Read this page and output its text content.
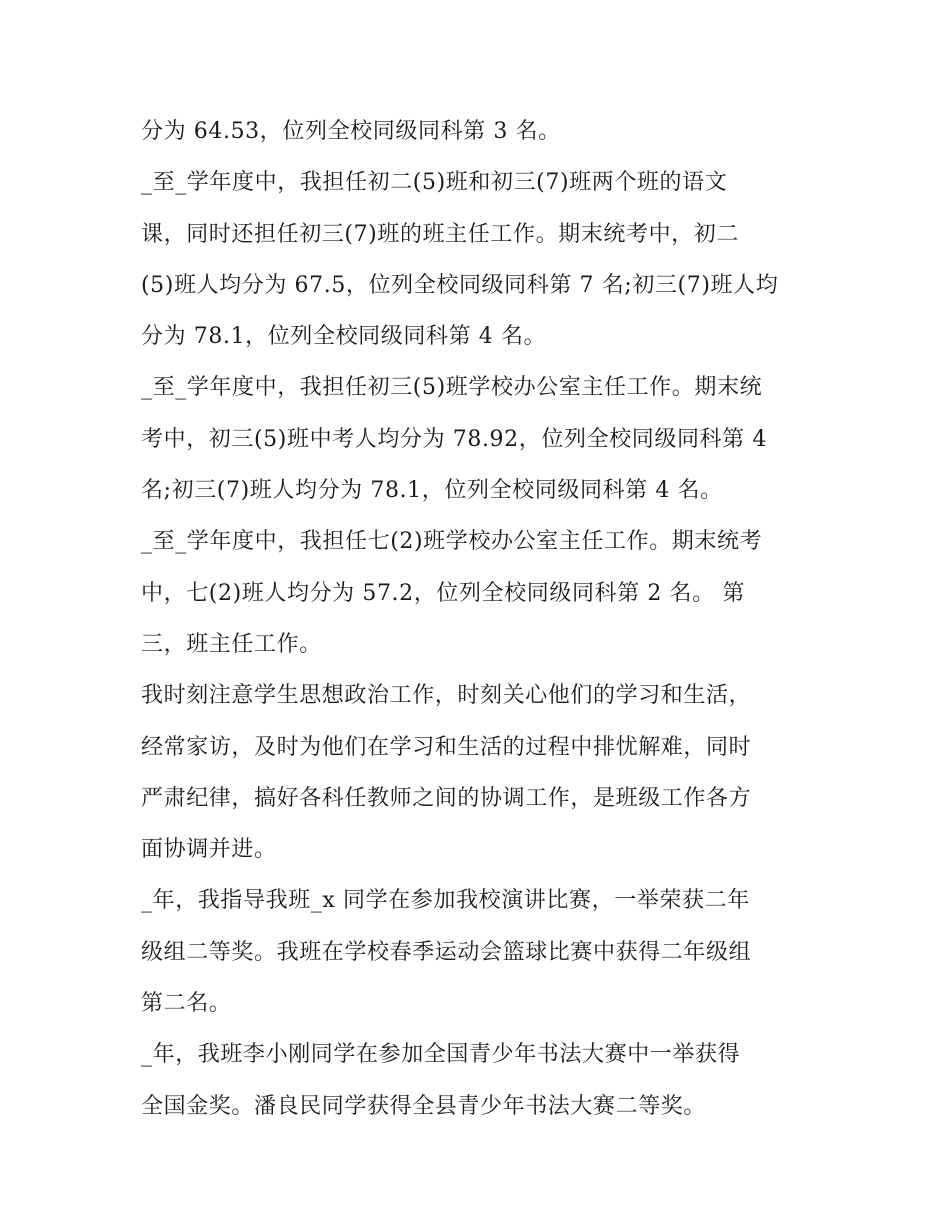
分为 64.53，位列全校同级同科第 3 名。
_至_学年度中，我担任初二(5)班和初三(7)班两个班的语文
课，同时还担任初三(7)班的班主任工作。期末统考中，初二
(5)班人均分为 67.5，位列全校同级同科第 7 名;初三(7)班人均
分为 78.1，位列全校同级同科第 4 名。
_至_学年度中，我担任初三(5)班学校办公室主任工作。期末统
考中，初三(5)班中考人均分为 78.92，位列全校同级同科第 4
名;初三(7)班人均分为 78.1，位列全校同级同科第 4 名。
_至_学年度中，我担任七(2)班学校办公室主任工作。期末统考
中，七(2)班人均分为 57.2，位列全校同级同科第 2 名。 第
三，班主任工作。
我时刻注意学生思想政治工作，时刻关心他们的学习和生活，
经常家访，及时为他们在学习和生活的过程中排忧解难，同时
严肃纪律，搞好各科任教师之间的协调工作，是班级工作各方
面协调并进。
_年，我指导我班_x 同学在参加我校演讲比赛，一举荣获二年
级组二等奖。我班在学校春季运动会篮球比赛中获得二年级组
第二名。
_年，我班李小刚同学在参加全国青少年书法大赛中一举获得
全国金奖。潘良民同学获得全县青少年书法大赛二等奖。
